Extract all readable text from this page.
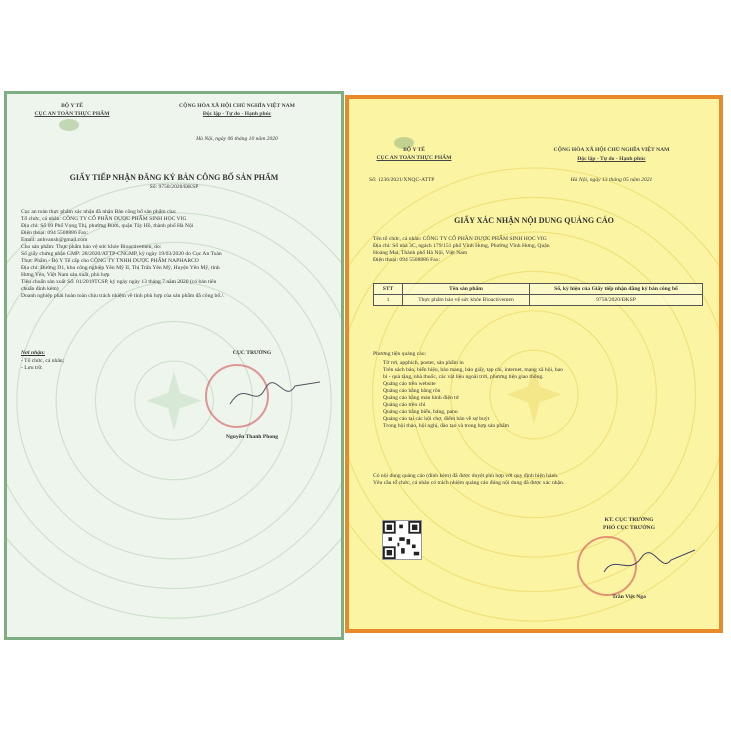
BỘ Y TẾ
CỤC AN TOÀN THỰC PHẨM
CỘNG HÒA XÃ HỘI CHỦ NGHĨA VIỆT NAM
Độc lập - Tự do - Hạnh phúc
Hà Nội, ngày 06 tháng 10 năm 2020
GIẤY TIẾP NHẬN ĐĂNG KÝ BẢN CÔNG BỐ SẢN PHẨM
Số: 9758/2020/ĐKSP
Cục an toàn thực phẩm xác nhận đã nhận Bản công bố sản phẩm của:
Tổ chức, cá nhân: CÔNG TY CỔ PHẦN DƯỢC PHẨM SINH HỌC VIG
Địa chỉ: Số 69 Phố Vọng Thị, phường Bưởi, quận Tây Hồ, thành phố Hà Nội
Điện thoại: 094 5508886 Fax:
Email: anhvansh@gmail.com
Cho sản phẩm: Thực phẩm bảo vệ sức khỏe Bioactivemen, do:
Số giấy chứng nhận GMP: 28/2020/ATTP-CNGMP, ký ngày 19/03/2020 do Cục An Toàn
Thực Phẩm - Bộ Y Tế cấp cho CÔNG TY TNHH DƯỢC PHẨM NAPHARCO
Địa chỉ: Đường D1, khu công nghiệp Yên Mỹ II, Thị Trấn Yên Mỹ, Huyện Yên Mỹ, tỉnh
Hưng Yên, Việt Nam sản xuất, phù hợp
Tiêu chuẩn sản xuất Số: 01/2019TCSP, ký ngày ngày 13 tháng 7 năm 2020 (có bản tiêu
chuẩn đính kèm)
Doanh nghiệp phải hoàn toàn chịu trách nhiệm về tính phù hợp của sản phẩm đã công bố./.
Nơi nhận:
- Tổ chức, cá nhân;
- Lưu trữ.
CỤC TRƯỞNG
Nguyễn Thanh Phong
BỘ Y TẾ
CỤC AN TOÀN THỰC PHẨM
CỘNG HÒA XÃ HỘI CHỦ NGHĨA VIỆT NAM
Độc lập - Tự do - Hạnh phúc
Số: 1236/2021/XNQC-ATTP	Hà Nội, ngày 13 tháng 05 năm 2021
GIẤY XÁC NHẬN NỘI DUNG QUẢNG CÁO
Tên tổ chức, cá nhân: CÔNG TY CỔ PHẦN DƯỢC PHẨM SINH HỌC VIG
Địa chỉ: Số nhà 3C, ngách 179/151 phố Vĩnh Hưng, Phường Vĩnh Hưng, Quận
Hoàng Mai, Thành phố Hà Nội, Việt Nam
Điện thoại: 094 5508886 Fax:
STT	Tên sản phẩm	Số, ký hiệu của Giấy tiếp nhận đăng ký bản công bố
1	Thực phẩm bảo vệ sức khỏe Bioactivemen	9758/2020/ĐKSP
Phương tiện quảng cáo:
Tờ rơi, apphich, poster, sản phẩm in
Trên sách báo, biển hiệu, bảo mang, bảo giấy, tạp chí, internet, mạng xã hội, bao
bì - quà tặng, nhà thuốc, các vật liệu ngoài trời, phương tiện giao thông.
Quảng cáo trên website
Quảng cáo bằng băng rôn
Quảng cáo bằng màn hình điện tử
Quảng cáo trên chỉ
Quảng cáo bằng biển, bảng, pano
Quảng cáo tại các hội chợ, điểm bán về sự buýt
Trong hội thảo, hội nghị, đào tạo và trong hợp sản phẩm
Có nội dung quảng cáo (đính kèm) đã được duyệt phù hợp với quy định hiện hành.
Yêu cầu tổ chức, cá nhân có trách nhiệm quảng cáo đúng nội dung đã được xác nhận.
KT. CỤC TRƯỞNG
PHÓ CỤC TRƯỞNG
Trần Việt Nga
